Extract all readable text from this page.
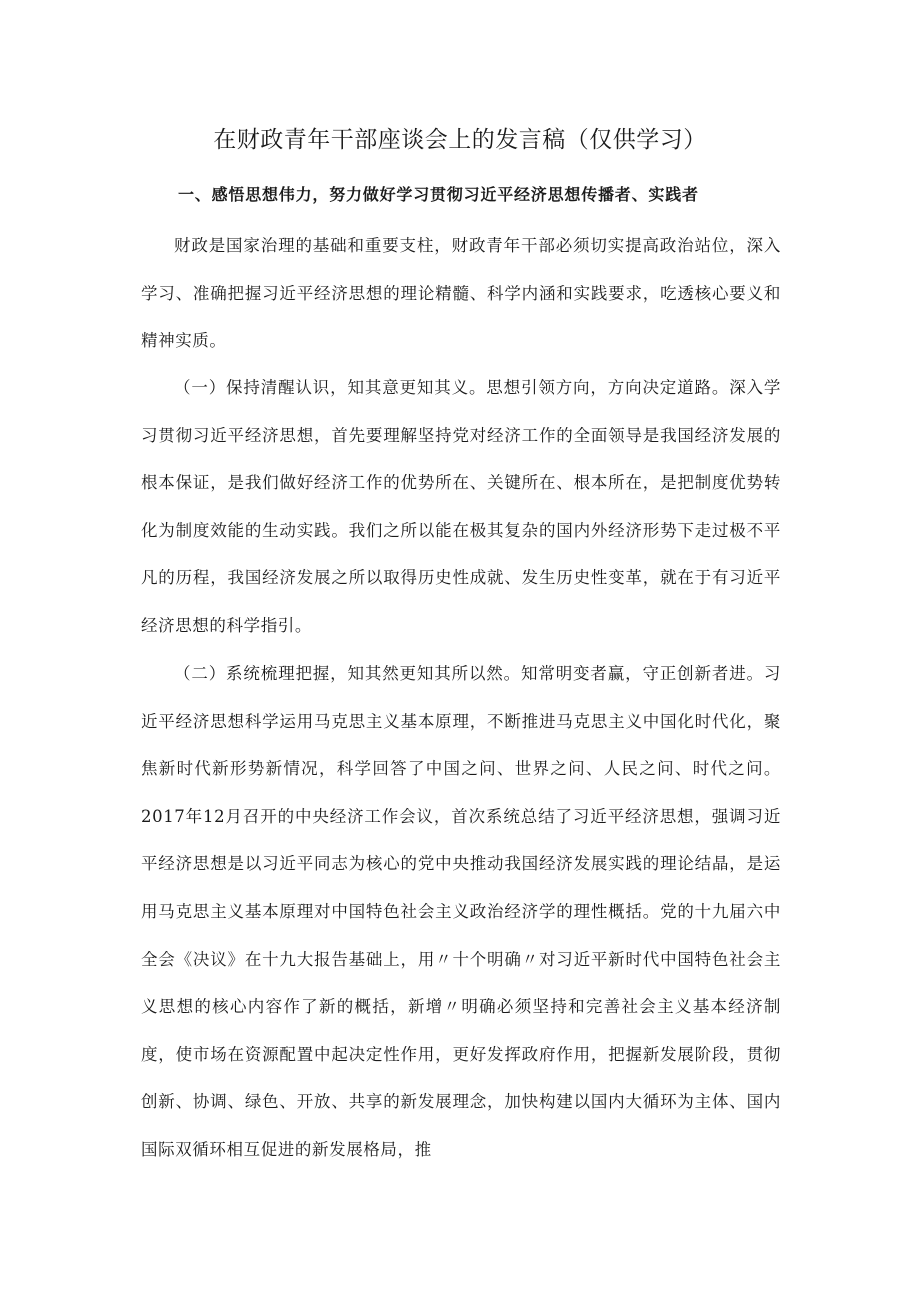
在财政青年干部座谈会上的发言稿（仅供学习）
一、感悟思想伟力，努力做好学习贯彻习近平经济思想传播者、实践者

财政是国家治理的基础和重要支柱，财政青年干部必须切实提高政治站位，深入学习、准确把握习近平经济思想的理论精髓、科学内涵和实践要求，吃透核心要义和精神实质。

（一）保持清醒认识，知其意更知其义。思想引领方向，方向决定道路。深入学习贯彻习近平经济思想，首先要理解坚持党对经济工作的全面领导是我国经济发展的根本保证，是我们做好经济工作的优势所在、关键所在、根本所在，是把制度优势转化为制度效能的生动实践。我们之所以能在极其复杂的国内外经济形势下走过极不平凡的历程，我国经济发展之所以取得历史性成就、发生历史性变革，就在于有习近平经济思想的科学指引。

（二）系统梳理把握，知其然更知其所以然。知常明变者赢，守正创新者进。习近平经济思想科学运用马克思主义基本原理，不断推进马克思主义中国化时代化，聚焦新时代新形势新情况，科学回答了中国之问、世界之问、人民之问、时代之问。2017年12月召开的中央经济工作会议，首次系统总结了习近平经济思想，强调习近平经济思想是以习近平同志为核心的党中央推动我国经济发展实践的理论结晶，是运用马克思主义基本原理对中国特色社会主义政治经济学的理性概括。党的十九届六中全会《决议》在十九大报告基础上，用〃十个明确〃对习近平新时代中国特色社会主义思想的核心内容作了新的概括，新增〃明确必须坚持和完善社会主义基本经济制度，使市场在资源配置中起决定性作用，更好发挥政府作用，把握新发展阶段，贯彻创新、协调、绿色、开放、共享的新发展理念，加快构建以国内大循环为主体、国内国际双循环相互促进的新发展格局，推
